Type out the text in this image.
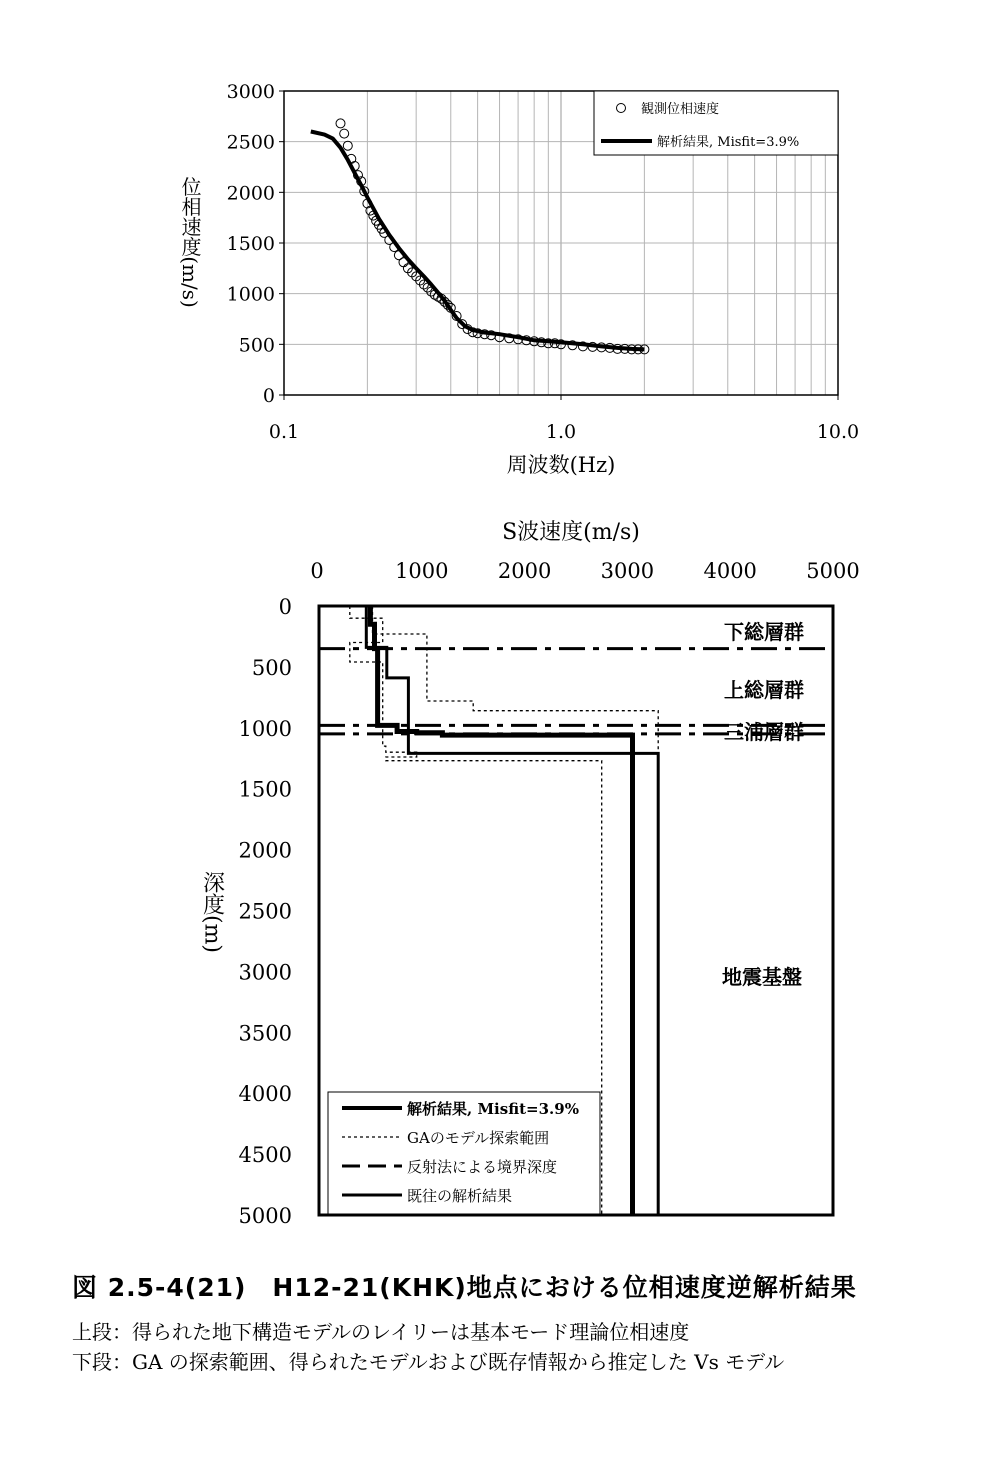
0
500
1000
1500
2000
2500
3000
0.1	1.0	10.0
位相速度(m/s)
周波数(Hz)
観測位相速度
解析結果, Misfit=3.9%
S波速度(m/s)
0	1000 2000 3000 4000 5000
0
500
1000
1500
2000
2500
3000
3500
4000
4500
5000
深度(m)
下総層群
上総層群
三浦層群
地震基盤
解析結果, Misfit=3.9%
GAのモデル探索範囲
反射法による境界深度
既往の解析結果
図 2.5-4(21)　H12-21(KHK)地点における位相速度逆解析結果
上段：得られた地下構造モデルのレイリーは基本モード理論位相速度
下段：GA の探索範囲、得られたモデルおよび既存情報から推定した Vs モデル
